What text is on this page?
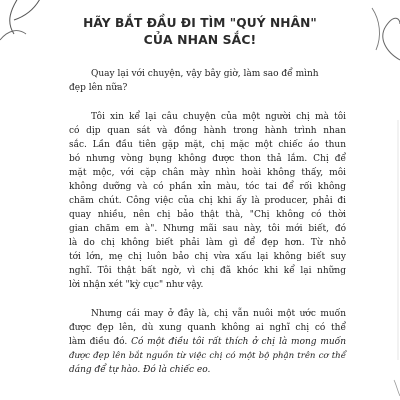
HÃY BẮT ĐẦU ĐI TÌM "QUÝ NHÂN"
CỦA NHAN SẮC!
Quay lại với chuyện, vậy bây giờ, làm sao để mình
đẹp lên nữa?
Tôi xin kể lại câu chuyện của một người chị mà tôi
có dịp quan sát và đồng hành trong hành trình nhan
sắc. Lần đầu tiên gặp mặt, chị mặc một chiếc áo thun
bó nhưng vòng bụng không được thon thả lắm. Chị để
mặt mộc, với cặp chân mày nhìn hoài không thấy, môi
không dưỡng và có phần xỉn màu, tóc tai để rối không
chăm chút. Công việc của chị khi ấy là producer, phải đi
quay nhiều, nên chị bảo thật thà, "Chị không có thời
gian chăm em à". Nhưng mãi sau này, tôi mới biết, đó
là do chị không biết phải làm gì để đẹp hơn. Từ nhỏ
tới lớn, mẹ chị luôn bảo chị vừa xấu lại không biết suy
nghĩ. Tôi thật bất ngờ, vì chị đã khóc khi kể lại những
lời nhận xét "kỳ cục" như vậy.
Nhưng cái may ở đây là, chị vẫn nuôi một ước muốn
được đẹp lên, dù xung quanh không ai nghĩ chị có thể
làm điều đó. Có một điều tôi rất thích ở chị là mong muốn
được đẹp lên bắt nguồn từ việc chị có một bộ phận trên cơ thể
dáng để tự hào. Đó là chiếc eo.
